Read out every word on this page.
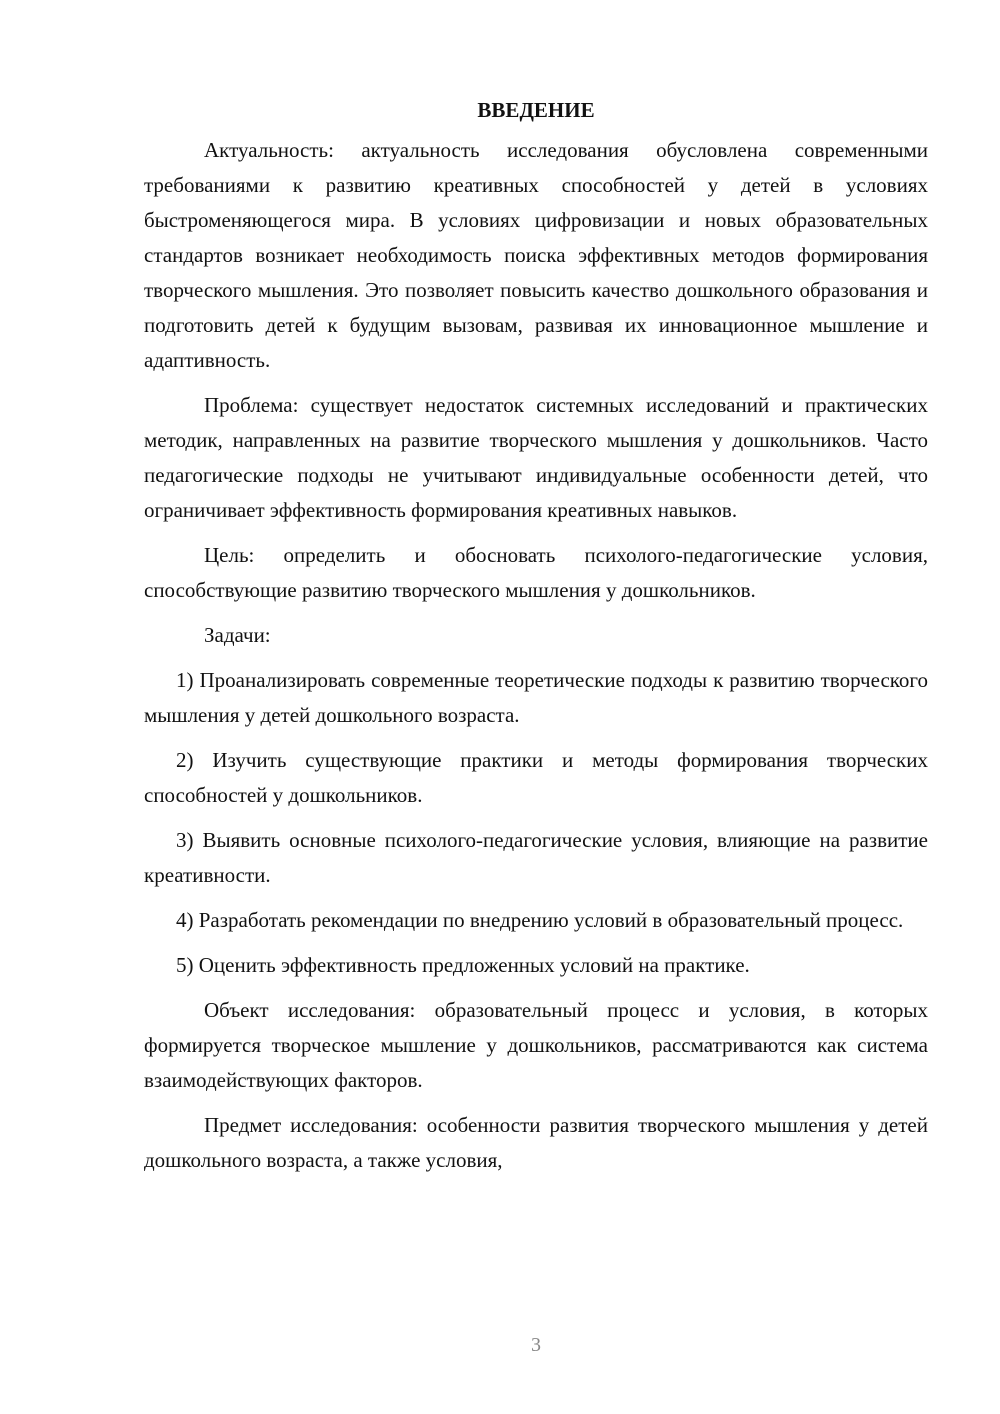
ВВЕДЕНИЕ

Актуальность: актуальность исследования обусловлена современными требованиями к развитию креативных способностей у детей в условиях быстроменяющегося мира. В условиях цифровизации и новых образовательных стандартов возникает необходимость поиска эффективных методов формирования творческого мышления. Это позволяет повысить качество дошкольного образования и подготовить детей к будущим вызовам, развивая их инновационное мышление и адаптивность.

Проблема: существует недостаток системных исследований и практических методик, направленных на развитие творческого мышления у дошкольников. Часто педагогические подходы не учитывают индивидуальные особенности детей, что ограничивает эффективность формирования креативных навыков.

Цель: определить и обосновать психолого-педагогические условия, способствующие развитию творческого мышления у дошкольников.

Задачи:

1) Проанализировать современные теоретические подходы к развитию творческого мышления у детей дошкольного возраста.

2) Изучить существующие практики и методы формирования творческих способностей у дошкольников.

3) Выявить основные психолого-педагогические условия, влияющие на развитие креативности.

4) Разработать рекомендации по внедрению условий в образовательный процесс.

5) Оценить эффективность предложенных условий на практике.

Объект исследования: образовательный процесс и условия, в которых формируется творческое мышление у дошкольников, рассматриваются как система взаимодействующих факторов.

Предмет исследования: особенности развития творческого мышления у детей дошкольного возраста, а также условия,

3
